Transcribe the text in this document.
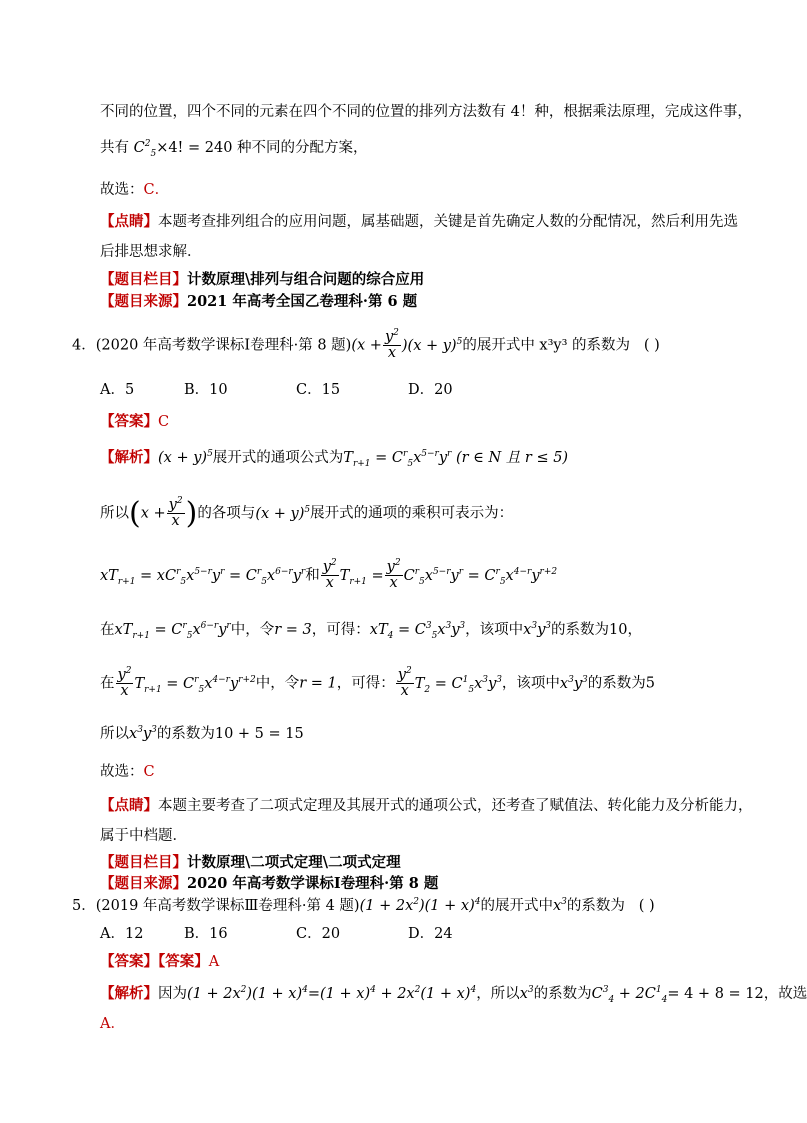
不同的位置，四个不同的元素在四个不同的位置的排列方法数有 4！种，根据乘法原理，完成这件事，
共有 $C^2_5\times 4$! = 240 种不同的分配方案，
故选：C．
【点睛】本题考查排列组合的应用问题，属基础题，关键是首先确定人数的分配情况，然后利用先选
后排思想求解．
【题目栏目】计数原理\排列与组合问题的综合应用
【题目来源】2021 年高考全国乙卷理科·第 6 题
4．(2020 年高考数学课标Ⅰ卷理科·第 8 题)$(x + \frac{y^2}{x} )(x + y)^5$的展开式中 x³y³ 的系数为 ( )
A．5	B．10	C．15	D．20
【答案】C
【解析】$(x + y)^5$展开式的通项公式为$T_{r+1} = C^r_5x^{5-r}y^r$ (r ∈ N 且 r ≤ 5)
所以($x + \frac{y^2}{x}$ )的各项与$(x + y)^5$展开式的通项的乘积可表示为：
$xT_{r+1} = xC^r_5x^{5-r}y^r = C^r_5x^{6-r}y^r$和 $\frac{y^2}{x} T_{r+1} = \frac{y^2}{x} C^r_5x^{5-r}y^r = C^r_5x^{4-r}y^{r+2}$
在$xT_{r+1} = C^r_5x^{6-r}y^r$中，令r = 3，可得：$xT_4 = C^3_5x^3y^3$，该项中$x^3y^3$的系数为10，
在 $\frac{y^2}{x} T_{r+1} = C^r_5x^{4-r}y^{r+2}$中，令r = 1，可得： $\frac{y^2}{x} T_2 = C^1_5x^3y^3$，该项中$x^3y^3$的系数为5
所以$x^3y^3$的系数为10 + 5 = 15
故选：C
【点睛】本题主要考查了二项式定理及其展开式的通项公式，还考查了赋值法、转化能力及分析能力，
属于中档题．
【题目栏目】计数原理\二项式定理\二项式定理
【题目来源】2020 年高考数学课标Ⅰ卷理科·第 8 题
5．(2019 年高考数学课标Ⅲ卷理科·第 4 题)$(1 + 2x^2)(1 + x)^4$的展开式中$x^3$的系数为 ( )
A．12	B．16	C．20	D．24
【答案】【答案】A
【解析】因为$(1 + 2x^2)(1 + x)^4=(1 + x)^4 + 2x^2(1 + x)^4$，所以$x^3$的系数为$C^3_4 + 2C^1_4= 4 + 8 = 12$，故选
A．
